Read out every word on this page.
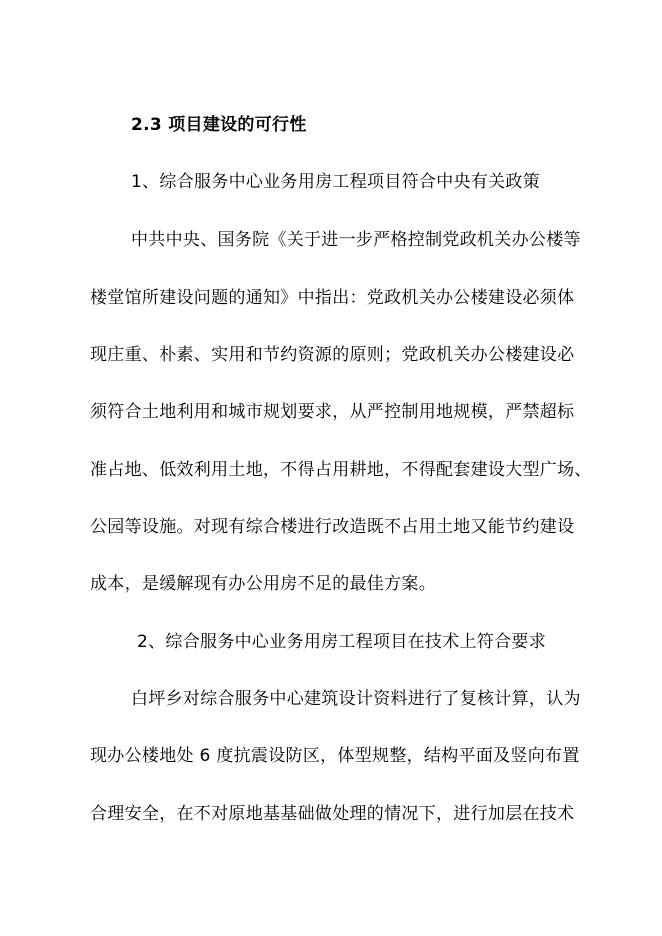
2.3 项目建设的可行性
1、综合服务中心业务用房工程项目符合中央有关政策
中共中央、国务院《关于进一步严格控制党政机关办公楼等
楼堂馆所建设问题的通知》中指出：党政机关办公楼建设必须体
现庄重、朴素、实用和节约资源的原则；党政机关办公楼建设必
须符合土地利用和城市规划要求，从严控制用地规模，严禁超标
准占地、低效利用土地，不得占用耕地，不得配套建设大型广场、
公园等设施。对现有综合楼进行改造既不占用土地又能节约建设
成本，是缓解现有办公用房不足的最佳方案。
2、综合服务中心业务用房工程项目在技术上符合要求
白坪乡对综合服务中心建筑设计资料进行了复核计算，认为
现办公楼地处 6 度抗震设防区，体型规整，结构平面及竖向布置
合理安全，在不对原地基基础做处理的情况下，进行加层在技术
